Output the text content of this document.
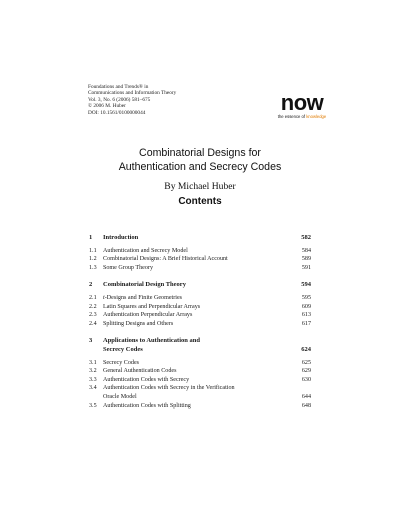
Foundations and Trends® in
Communications and Information Theory
Vol. 3, No. 6 (2006) 581–675
© 2006 M. Huber
DOI: 10.1561/0100000044	now
the essence of knowledge
Combinatorial Designs for
Authentication and Secrecy Codes
By Michael Huber
Contents
1	Introduction	582
1.1	Authentication and Secrecy Model	584
1.2	Combinatorial Designs: A Brief Historical Account	589
1.3	Some Group Theory	591
2	Combinatorial Design Theory	594
2.1	t-Designs and Finite Geometries	595
2.2	Latin Squares and Perpendicular Arrays	609
2.3	Authentication Perpendicular Arrays	613
2.4	Splitting Designs and Others	617
3	Applications to Authentication and
Secrecy Codes	624
3.1	Secrecy Codes	625
3.2	General Authentication Codes	629
3.3	Authentication Codes with Secrecy	630
3.4	Authentication Codes with Secrecy in the Verification
Oracle Model	644
3.5	Authentication Codes with Splitting	648
